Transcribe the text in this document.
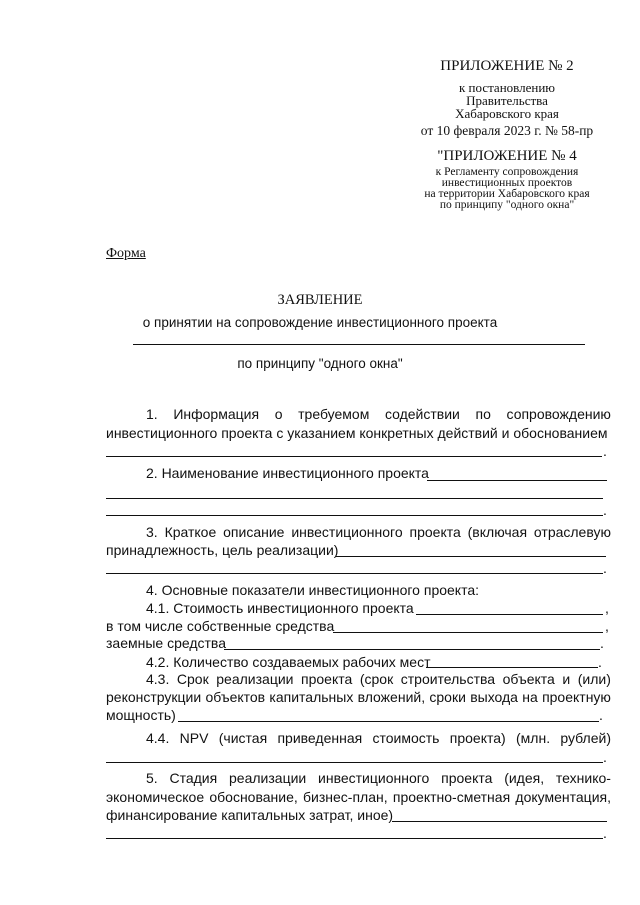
ПРИЛОЖЕНИЕ № 2
к постановлению
Правительства
Хабаровского края
от 10 февраля 2023 г. № 58-пр
"ПРИЛОЖЕНИЕ № 4
к Регламенту сопровождения
инвестиционных проектов
на территории Хабаровского края
по принципу "одного окна"
Форма
ЗАЯВЛЕНИЕ
о принятии на сопровождение инвестиционного проекта
по принципу "одного окна"
1. Информация о требуемом содействии по сопровождению
инвестиционного проекта с указанием конкретных действий и обоснованием
.
2. Наименование инвестиционного проекта
.
3. Краткое описание инвестиционного проекта (включая отраслевую
принадлежность, цель реализации)
.
4. Основные показатели инвестиционного проекта:
4.1. Стоимость инвестиционного проекта	,
в том числе собственные средства	,
заемные средства	.
4.2. Количество создаваемых рабочих мест	.
4.3. Срок реализации проекта (срок строительства объекта и (или)
реконструкции объектов капитальных вложений, сроки выхода на проектную
мощность)	.
4.4. NPV (чистая приведенная стоимость проекта) (млн. рублей)
.
5. Стадия реализации инвестиционного проекта (идея, технико-
экономическое обоснование, бизнес-план, проектно-сметная документация,
финансирование капитальных затрат, иное)
.
